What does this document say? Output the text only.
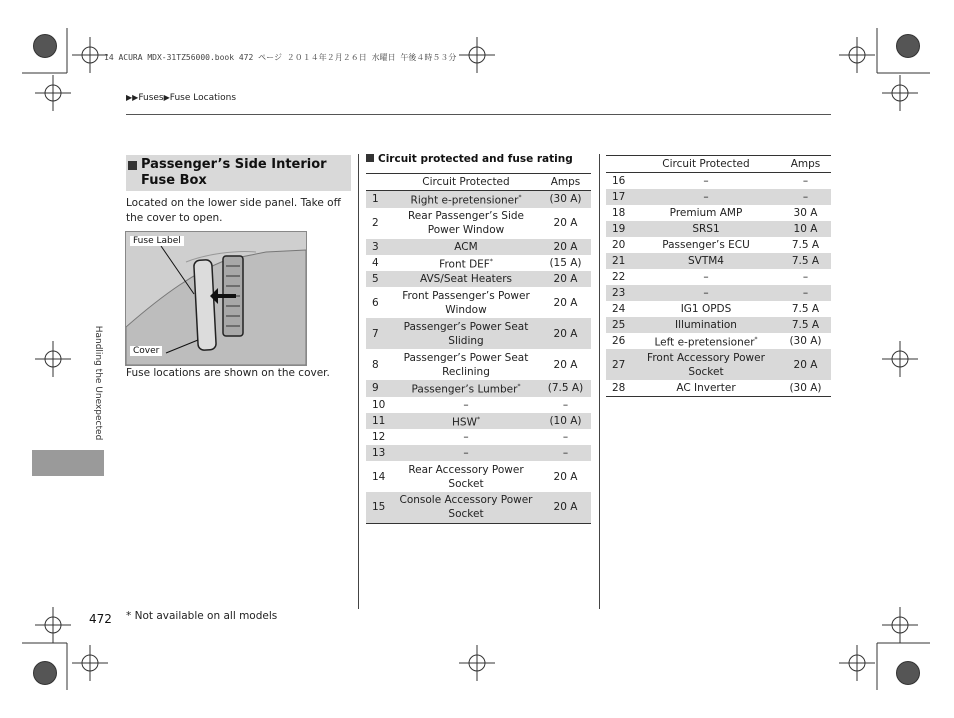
14 ACURA MDX-31TZ56000.book 472 ページ ２０１４年２月２６日 水曜日 午後４時５３分
▶▶Fuses▶Fuse Locations
Handling the Unexpected
Passenger’s Side Interior Fuse Box
Located on the lower side panel. Take off the cover to open.
Fuse Label
Cover
Fuse locations are shown on the cover.
Circuit protected and fuse rating
	Circuit Protected	Amps
1	Right e-pretensioner*	(30 A)
2	Rear Passenger’s Side Power Window	20 A
3	ACM	20 A
4	Front DEF*	(15 A)
5	AVS/Seat Heaters	20 A
6	Front Passenger’s Power Window	20 A
7	Passenger’s Power Seat Sliding	20 A
8	Passenger’s Power Seat Reclining	20 A
9	Passenger’s Lumber*	(7.5 A)
10	–	–
11	HSW*	(10 A)
12	–	–
13	–	–
14	Rear Accessory Power Socket	20 A
15	Console Accessory Power Socket	20 A
	Circuit Protected	Amps
16	–	–
17	–	–
18	Premium AMP	30 A
19	SRS1	10 A
20	Passenger’s ECU	7.5 A
21	SVTM4	7.5 A
22	–	–
23	–	–
24	IG1 OPDS	7.5 A
25	Illumination	7.5 A
26	Left e-pretensioner*	(30 A)
27	Front Accessory Power Socket	20 A
28	AC Inverter	(30 A)
472 * Not available on all models
